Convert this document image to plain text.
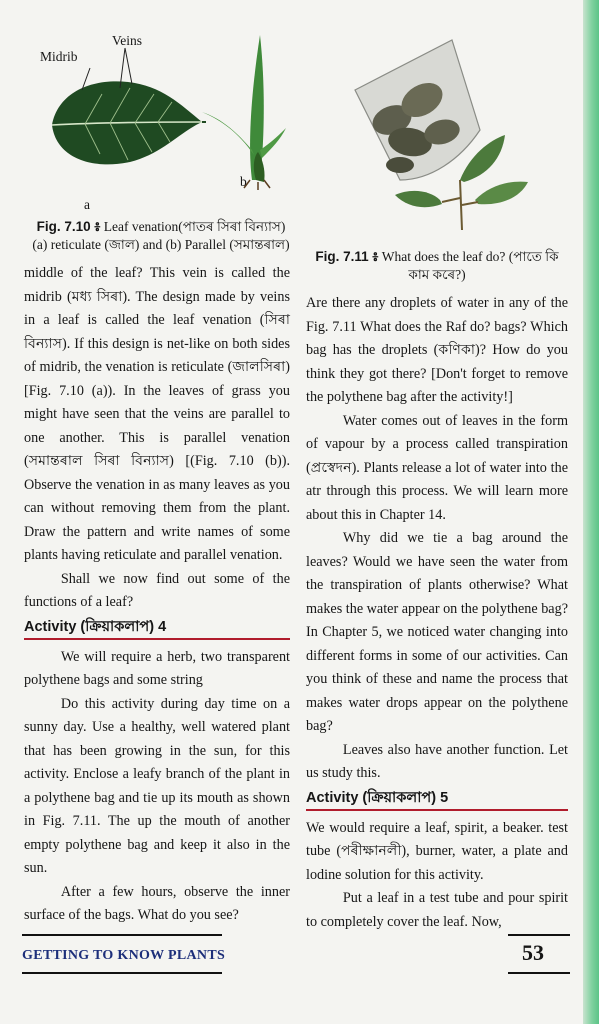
Midrib
Veins
a
b
Fig. 7.10 ៖ Leaf venation(পাতৰ সিৰা বিন্যাস) (a) reticulate (জাল) and (b) Parallel (সমান্তৰাল)
Fig. 7.11 ៖ What does the leaf do? (পাতে কি কাম কৰে?)

middle of the leaf? This vein is called the midrib (মধ্য সিৰা). The design made by veins in a leaf is called the leaf venation (সিৰা বিন্যাস). If this design is net-like on both sides of midrib, the venation is reticulate (জালসিৰা) [Fig. 7.10 (a)). In the leaves of grass you might have seen that the veins are parallel to one another. This is parallel venation (সমান্তৰাল সিৰা বিন্যাস) [(Fig. 7.10 (b)). Observe the venation in as many leaves as you can without removing them from the plant. Draw the pattern and write names of some plants having reticulate and parallel venation.

Shall we now find out some of the functions of a leaf?

Activity (ক্রিয়াকলাপ) 4

We will require a herb, two transparent polythene bags and some string

Do this activity during day time on a sunny day. Use a healthy, well watered plant that has been growing in the sun, for this activity. Enclose a leafy branch of the plant in a polythene bag and tie up its mouth as shown in Fig. 7.11. The up the mouth of another empty polythene bag and keep it also in the sun.

After a few hours, observe the inner surface of the bags. What do you see?

Are there any droplets of water in any of the Fig. 7.11 What does the Raf do? bags? Which bag has the droplets (কণিকা)? How do you think they got there? [Don't forget to remove the polythene bag after the activity!]

Water comes out of leaves in the form of vapour by a process called transpiration (প্ৰস্বেদন). Plants release a lot of water into the atr through this process. We will learn more about this in Chapter 14.

Why did we tie a bag around the leaves? Would we have seen the water from the transpiration of plants otherwise? What makes the water appear on the polythene bag? In Chapter 5, we noticed water changing into different forms in some of our activities. Can you think of these and name the process that makes water drops appear on the polythene bag?

Leaves also have another function. Let us study this.

Activity (ক্রিয়াকলাপ) 5

We would require a leaf, spirit, a beaker. test tube (পৰীক্ষানলী), burner, water, a plate and lodine solution for this activity.

Put a leaf in a test tube and pour spirit to completely cover the leaf. Now,

GETTING TO KNOW PLANTS	53
